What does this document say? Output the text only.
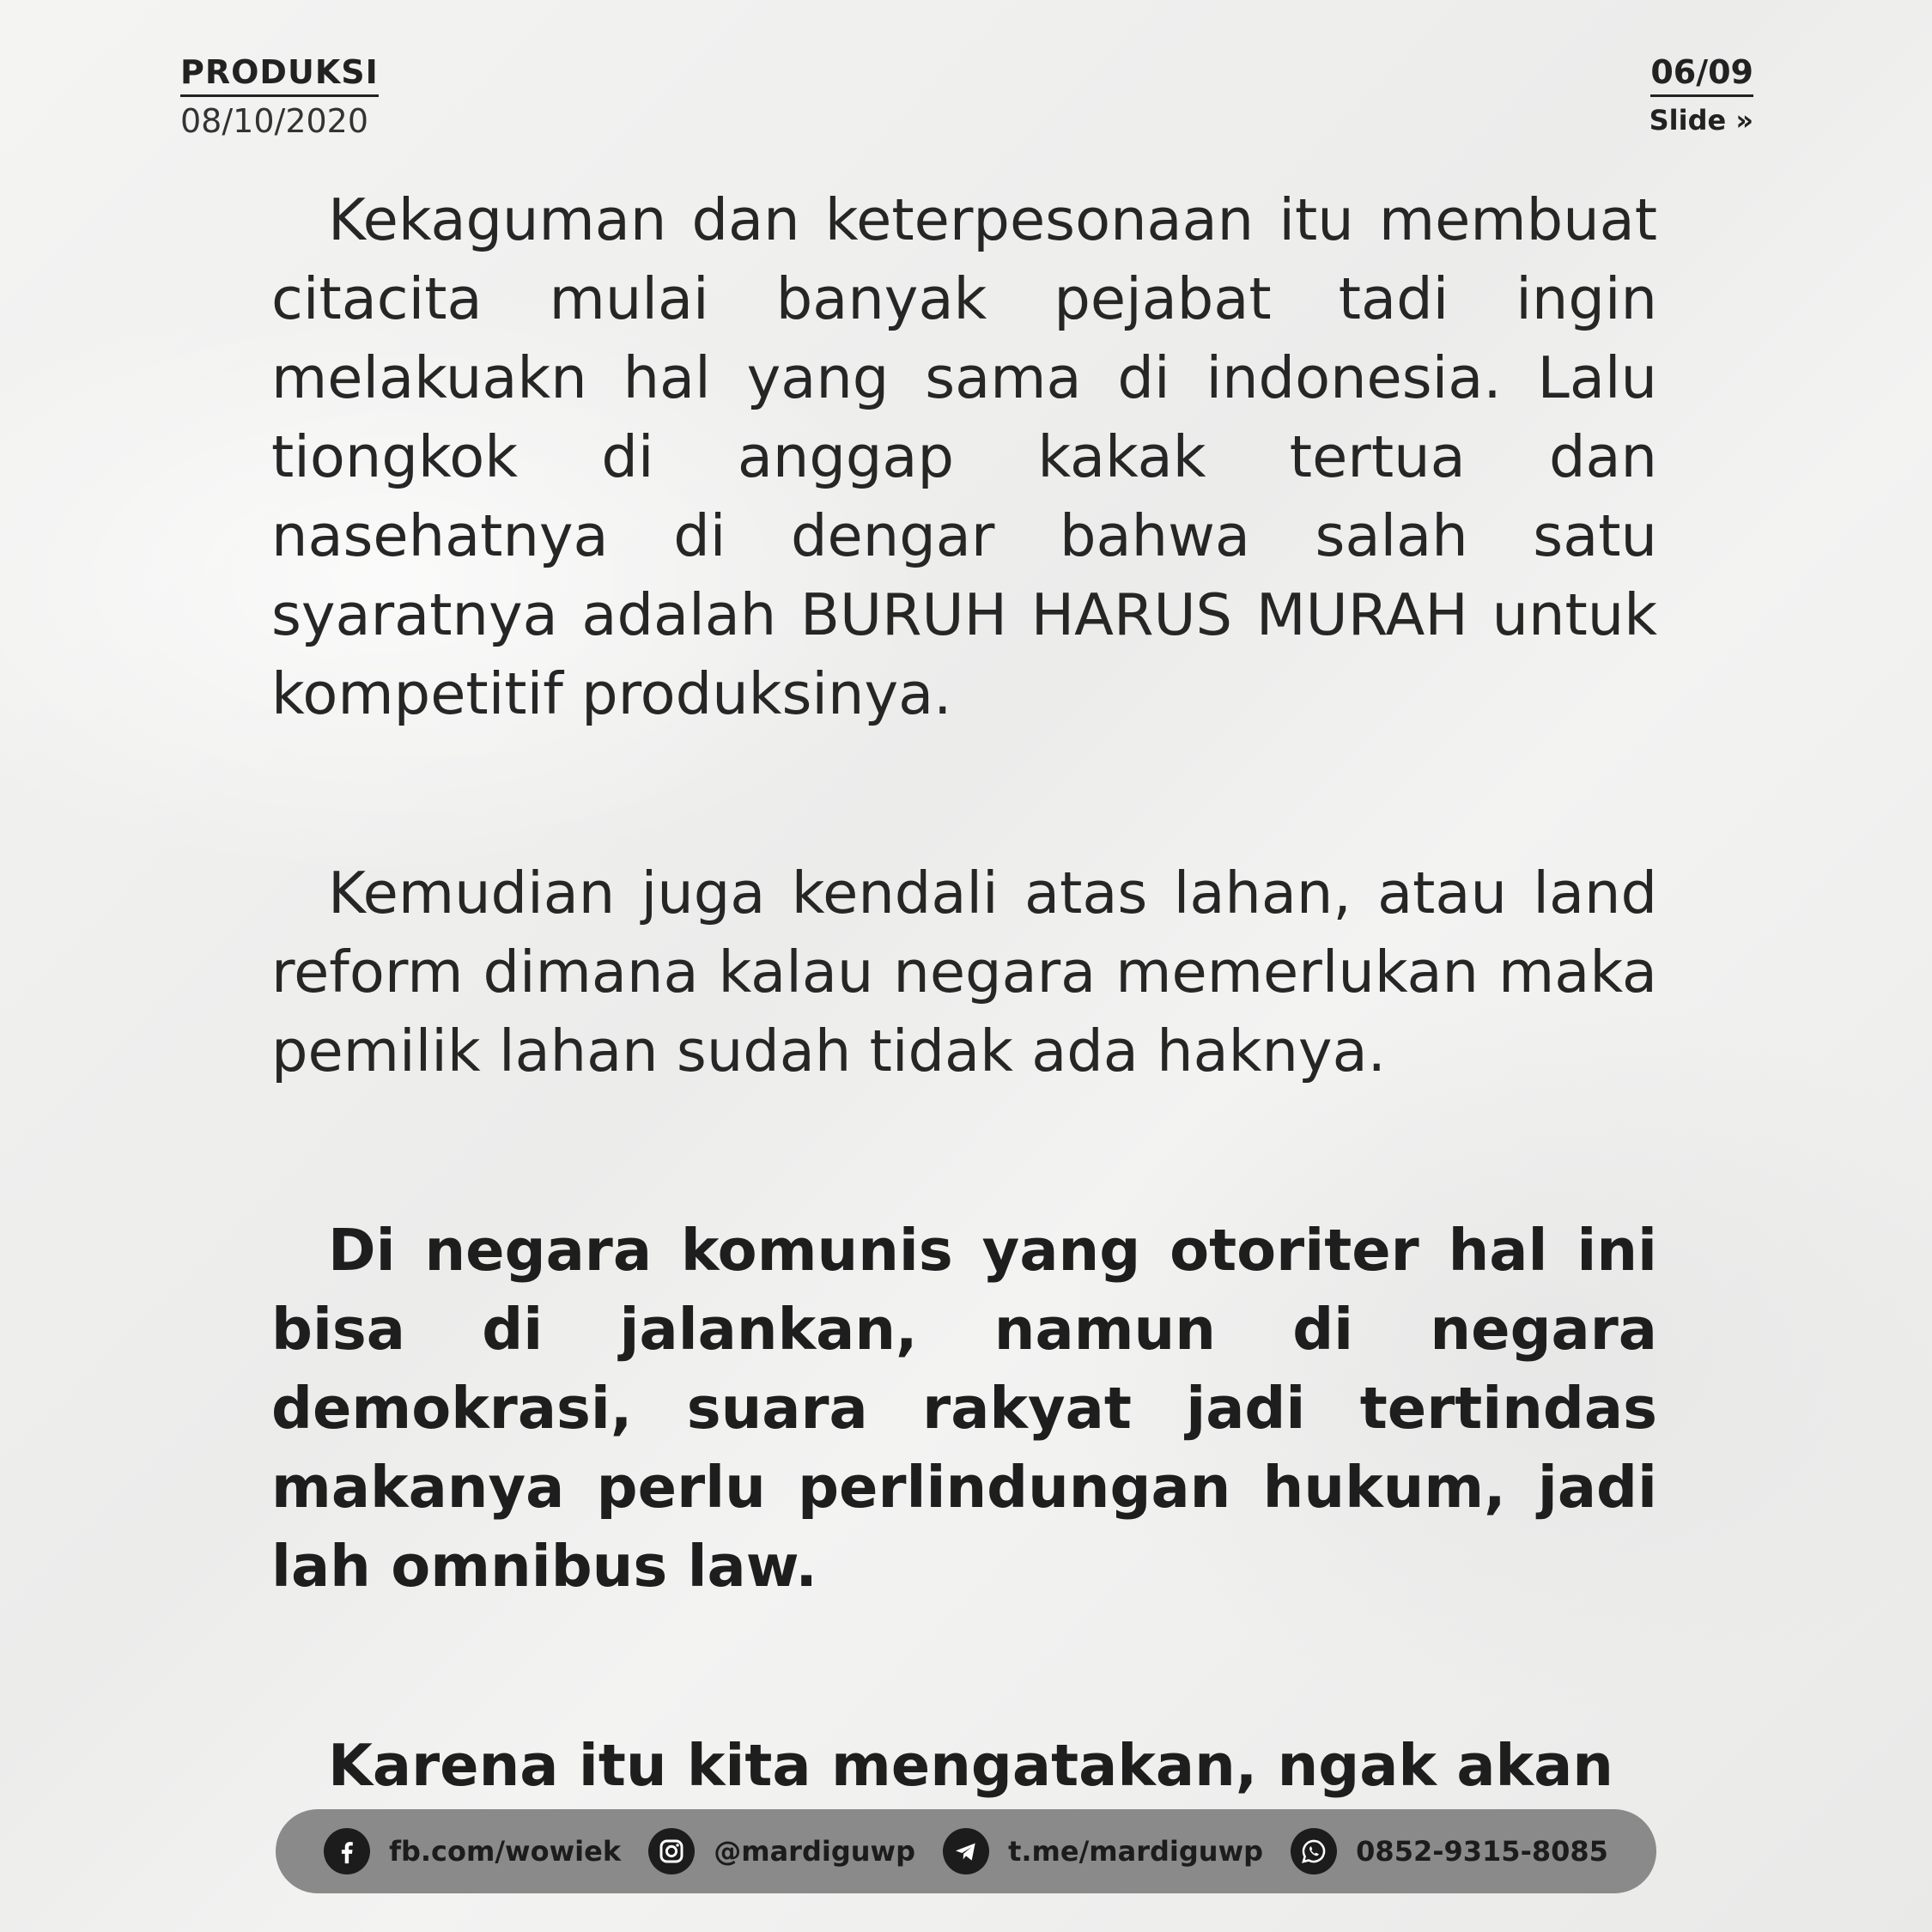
PRODUKSI
08/10/2020
06/09
Slide »

Kekaguman dan keterpesonaan itu membuat citacita mulai banyak pejabat tadi ingin melakuakn hal yang sama di indonesia. Lalu tiongkok di anggap kakak tertua dan nasehatnya di dengar bahwa salah satu syaratnya adalah BURUH HARUS MURAH untuk kompetitif produksinya.

Kemudian juga kendali atas lahan, atau land reform dimana kalau negara memerlukan maka pemilik lahan sudah tidak ada haknya.

Di negara komunis yang otoriter hal ini bisa di jalankan, namun di negara demokrasi, suara rakyat jadi tertindas makanya perlu perlindungan hukum, jadi lah omnibus law.

Karena itu kita mengatakan, ngak akan

fb.com/wowiek	@mardiguwp	t.me/mardiguwp	0852-9315-8085
